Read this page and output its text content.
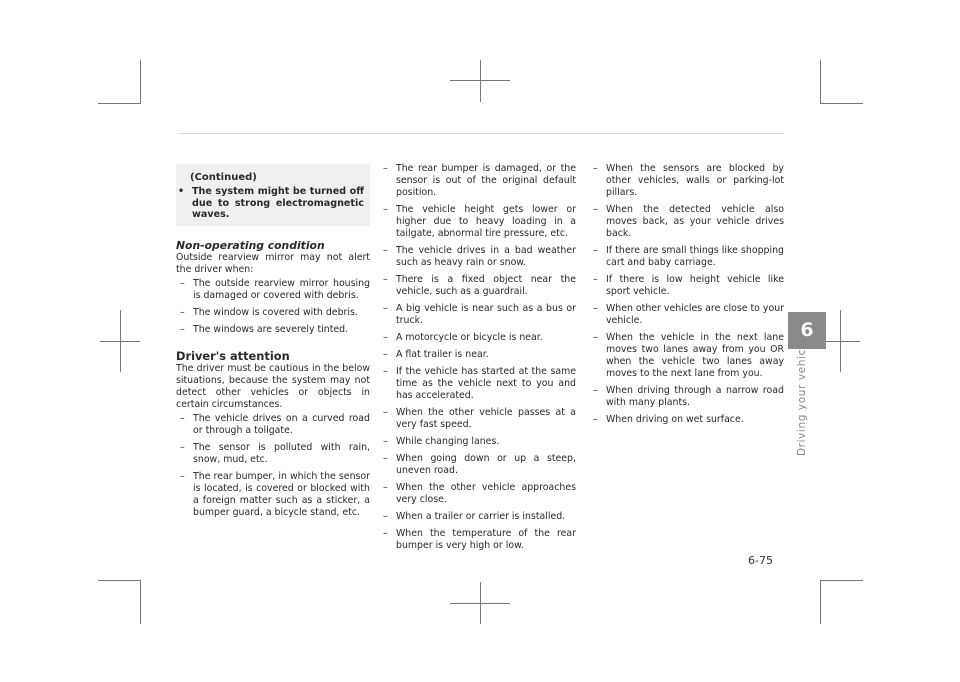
(Continued)
• The system might be turned off due to strong electromagnetic waves.

Non-operating condition

Outside rearview mirror may not alert the driver when:

– The outside rearview mirror housing is damaged or covered with debris.
– The window is covered with debris.
– The windows are severely tinted.

Driver's attention

The driver must be cautious in the below situations, because the system may not detect other vehicles or objects in certain circumstances.

– The vehicle drives on a curved road or through a tollgate.
– The sensor is polluted with rain, snow, mud, etc.
– The rear bumper, in which the sensor is located, is covered or blocked with a foreign matter such as a sticker, a bumper guard, a bicycle stand, etc.
– The rear bumper is damaged, or the sensor is out of the original default position.
– The vehicle height gets lower or higher due to heavy loading in a tailgate, abnormal tire pressure, etc.
– The vehicle drives in a bad weather such as heavy rain or snow.
– There is a fixed object near the vehicle, such as a guardrail.
– A big vehicle is near such as a bus or truck.
– A motorcycle or bicycle is near.
– A flat trailer is near.
– If the vehicle has started at the same time as the vehicle next to you and has accelerated.
– When the other vehicle passes at a very fast speed.
– While changing lanes.
– When going down or up a steep, uneven road.
– When the other vehicle approaches very close.
– When a trailer or carrier is installed.
– When the temperature of the rear bumper is very high or low.
– When the sensors are blocked by other vehicles, walls or parking-lot pillars.
– When the detected vehicle also moves back, as your vehicle drives back.
– If there are small things like shopping cart and baby carriage.
– If there is low height vehicle like sport vehicle.
– When other vehicles are close to your vehicle.
– When the vehicle in the next lane moves two lanes away from you OR when the vehicle two lanes away moves to the next lane from you.
– When driving through a narrow road with many plants.
– When driving on wet surface.
6
Driving your vehicle
6-75
